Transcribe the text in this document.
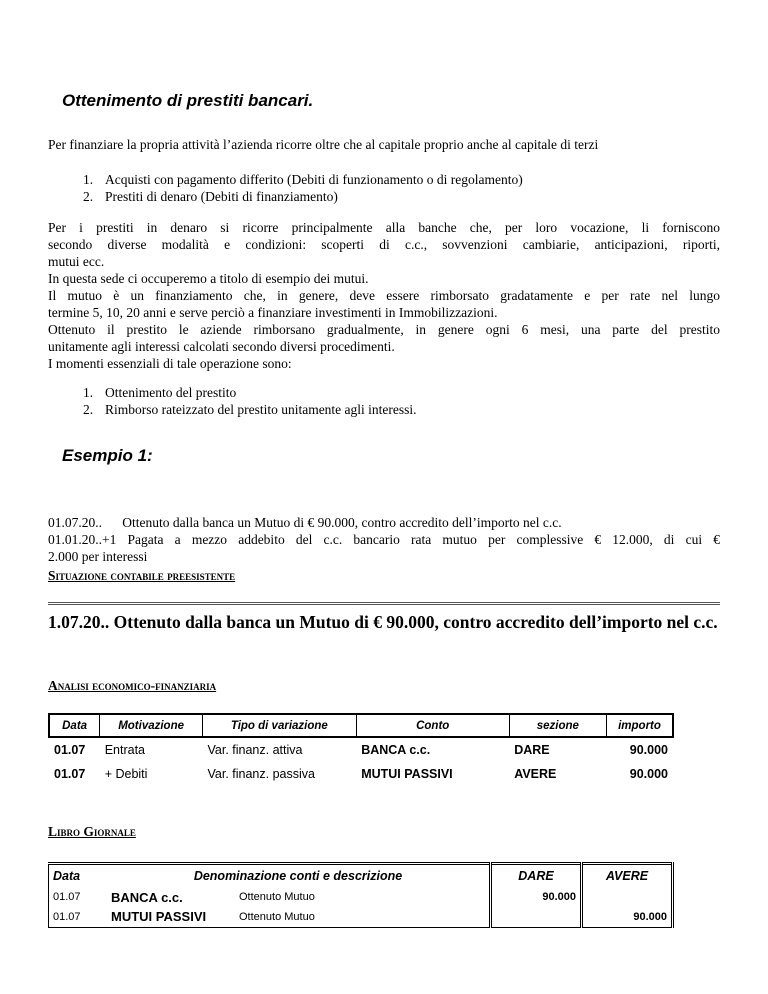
Ottenimento di prestiti bancari.
Per finanziare la propria attività l’azienda ricorre oltre che al capitale proprio anche al capitale di terzi
1. Acquisti con pagamento differito (Debiti di funzionamento o di regolamento)
2. Prestiti di denaro (Debiti di finanziamento)
Per i prestiti in denaro si ricorre principalmente alla banche che, per loro vocazione, li forniscono
secondo diverse modalità e condizioni: scoperti di c.c., sovvenzioni cambiarie, anticipazioni, riporti,
mutui ecc.
In questa sede ci occuperemo a titolo di esempio dei mutui.
Il mutuo è un finanziamento che, in genere, deve essere rimborsato gradatamente e per rate nel lungo
termine 5, 10, 20 anni e serve perciò a finanziare investimenti in Immobilizzazioni.
Ottenuto il prestito le aziende rimborsano gradualmente, in genere ogni 6 mesi, una parte del prestito
unitamente agli interessi calcolati secondo diversi procedimenti.
I momenti essenziali di tale operazione sono:
1. Ottenimento del prestito
2. Rimborso rateizzato del prestito unitamente agli interessi.
Esempio 1:
01.07.20..      Ottenuto dalla banca un Mutuo di € 90.000, contro accredito dell’importo nel c.c.
01.01.20..+1 Pagata a mezzo addebito del c.c. bancario rata mutuo per complessive € 12.000, di cui €
2.000 per interessi
Situazione contabile preesistente
1.07.20.. Ottenuto dalla banca un Mutuo di € 90.000, contro accredito dell’importo nel c.c.
Analisi economico-finanziaria
Data	Motivazione	Tipo di variazione	Conto	sezione	importo
01.07	Entrata	Var. finanz. attiva	BANCA c.c.	DARE	90.000
01.07	+ Debiti	Var. finanz. passiva	MUTUI PASSIVI	AVERE	90.000
Libro Giornale
Data	Denominazione conti e descrizione		DARE	AVERE
01.07	BANCA c.c.	Ottenuto Mutuo	90.000	
01.07	MUTUI PASSIVI	Ottenuto Mutuo		90.000
